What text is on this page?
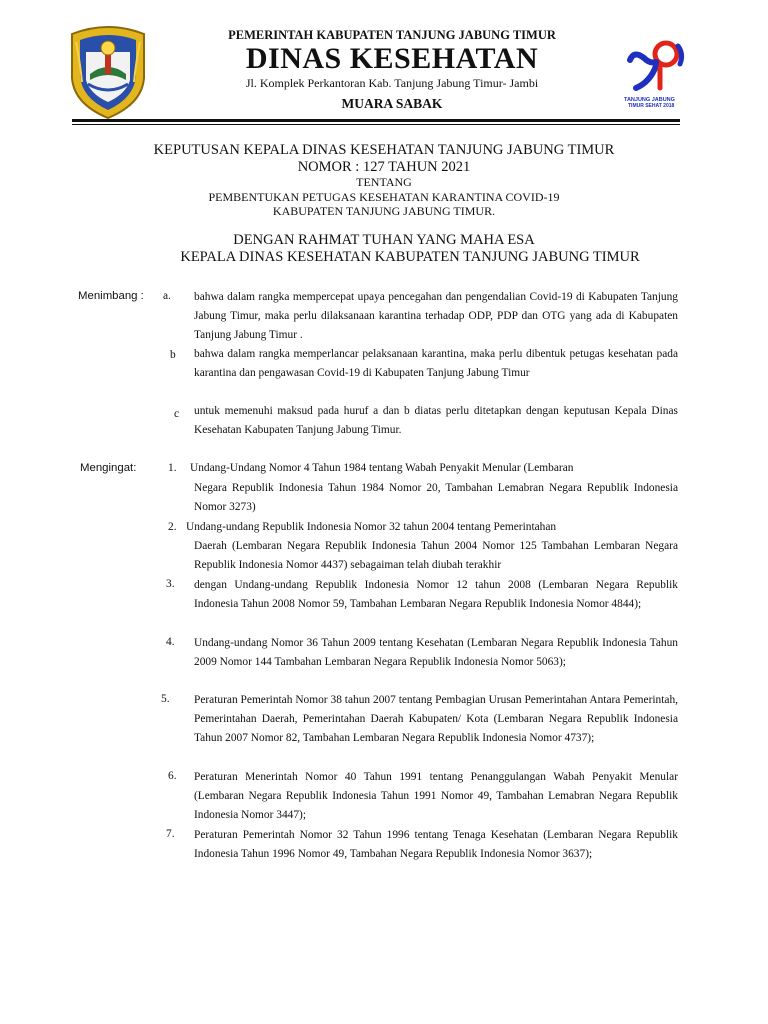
PEMERINTAH KABUPATEN TANJUNG JABUNG TIMUR
DINAS KESEHATAN
Jl. Komplek Perkantoran Kab. Tanjung Jabung Timur- Jambi
MUARA SABAK	TANJUNG JABUNG
TIMUR SEHAT 2018
KEPUTUSAN KEPALA DINAS KESEHATAN TANJUNG JABUNG TIMUR
NOMOR : 127 TAHUN 2021
TENTANG
PEMBENTUKAN PETUGAS KESEHATAN KARANTINA COVID-19
KABUPATEN TANJUNG JABUNG TIMUR.
DENGAN RAHMAT TUHAN YANG MAHA ESA
KEPALA DINAS KESEHATAN KABUPATEN TANJUNG JABUNG TIMUR
Menimbang : a. bahwa dalam rangka mempercepat upaya pencegahan dan pengendalian Covid-19 di Kabupaten Tanjung Jabung Timur, maka perlu dilaksanaan karantina terhadap ODP, PDP dan OTG yang ada di Kabupaten Tanjung Jabung Timur .
b bahwa dalam rangka memperlancar pelaksanaan karantina, maka perlu dibentuk petugas kesehatan pada karantina dan pengawasan Covid-19 di Kabupaten Tanjung Jabung Timur
c untuk memenuhi maksud pada huruf a dan b diatas perlu ditetapkan dengan keputusan Kepala Dinas Kesehatan Kabupaten Tanjung Jabung Timur.
Mengingat:	1. Undang-Undang Nomor 4 Tahun 1984 tentang Wabah Penyakit Menular (Lembaran
Negara Republik Indonesia Tahun 1984 Nomor 20, Tambahan Lemabran Negara Republik Indonesia Nomor 3273)
2. Undang-undang Republik Indonesia Nomor 32 tahun 2004 tentang Pemerintahan
Daerah (Lembaran Negara Republik Indonesia Tahun 2004 Nomor 125 Tambahan Lembaran Negara Republik Indonesia Nomor 4437) sebagaiman telah diubah terakhir
3. dengan Undang-undang Republik Indonesia Nomor 12 tahun 2008 (Lembaran Negara Republik Indonesia Tahun 2008 Nomor 59, Tambahan Lembaran Negara Republik Indonesia Nomor 4844);
4. Undang-undang Nomor 36 Tahun 2009 tentang Kesehatan (Lembaran Negara Republik Indonesia Tahun 2009 Nomor 144 Tambahan Lembaran Negara Republik Indonesia Nomor 5063);
5. Peraturan Pemerintah Nomor 38 tahun 2007 tentang Pembagian Urusan Pemerintahan Antara Pemerintah, Pemerintahan Daerah, Pemerintahan Daerah Kabupaten/ Kota (Lembaran Negara Republik Indonesia Tahun 2007 Nomor 82, Tambahan Lembaran Negara Republik Indonesia Nomor 4737);
6. Peraturan Menerintah Nomor 40 Tahun 1991 tentang Penanggulangan Wabah Penyakit Menular (Lembaran Negara Republik Indonesia Tahun 1991 Nomor 49, Tambahan Lemabran Negara Republik Indonesia Nomor 3447);
7. Peraturan Pemerintah Nomor 32 Tahun 1996 tentang Tenaga Kesehatan (Lembaran Negara Republik Indonesia Tahun 1996 Nomor 49, Tambahan Negara Republik Indonesia Nomor 3637);
